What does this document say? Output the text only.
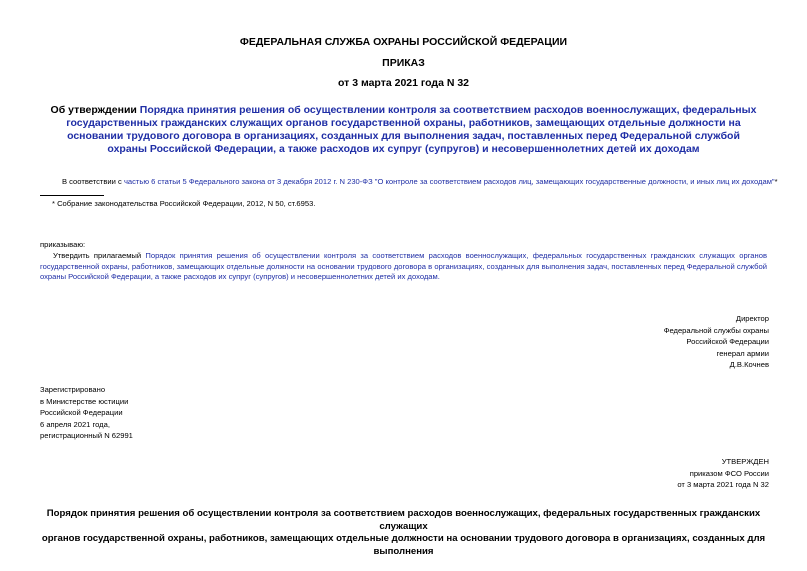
ФЕДЕРАЛЬНАЯ СЛУЖБА ОХРАНЫ РОССИЙСКОЙ ФЕДЕРАЦИИ
ПРИКАЗ
от 3 марта 2021 года N 32
Об утверждении Порядка принятия решения об осуществлении контроля за соответствием расходов военнослужащих, федеральных государственных гражданских служащих органов государственной охраны, работников, замещающих отдельные должности на основании трудового договора в организациях, созданных для выполнения задач, поставленных перед Федеральной службой охраны Российской Федерации, а также расходов их супруг (супругов) и несовершеннолетних детей их доходам
В соответствии с частью 6 статьи 5 Федерального закона от 3 декабря 2012 г. N 230-ФЗ "О контроле за соответствием расходов лиц, замещающих государственные должности, и иных лиц их доходам"*
* Собрание законодательства Российской Федерации, 2012, N 50, ст.6953.
приказываю:
Утвердить прилагаемый Порядок принятия решения об осуществлении контроля за соответствием расходов военнослужащих, федеральных государственных гражданских служащих органов государственной охраны, работников, замещающих отдельные должности на основании трудового договора в организациях, созданных для выполнения задач, поставленных перед Федеральной службой охраны Российской Федерации, а также расходов их супруг (супругов) и несовершеннолетних детей их доходам.
Директор
Федеральной службы охраны
Российской Федерации
генерал армии
Д.В.Кочнев
Зарегистрировано
в Министерстве юстиции
Российской Федерации
6 апреля 2021 года,
регистрационный N 62991
УТВЕРЖДЕН
приказом ФСО России
от 3 марта 2021 года N 32
Порядок принятия решения об осуществлении контроля за соответствием расходов военнослужащих, федеральных государственных гражданских служащих
органов государственной охраны, работников, замещающих отдельные должности на основании трудового договора в организациях, созданных для выполнения
